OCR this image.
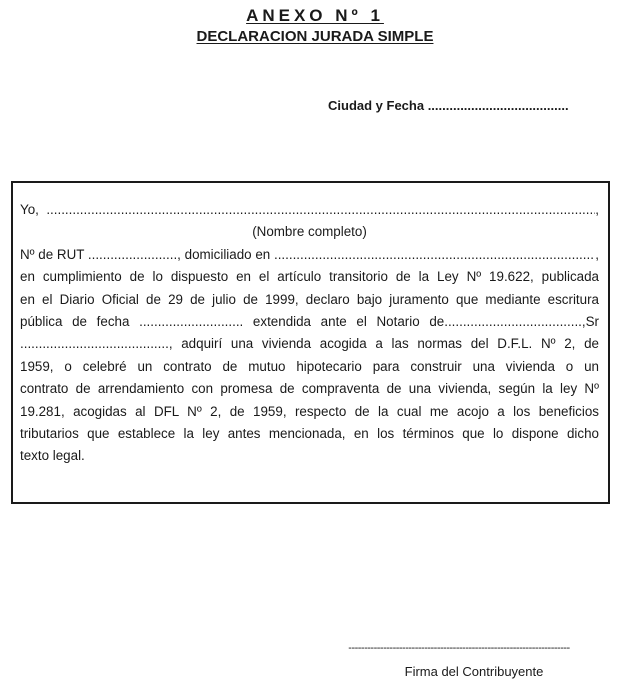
ANEXO Nº 1
DECLARACION JURADA SIMPLE
Ciudad y Fecha .......................................
Yo,
.....	,
(Nombre completo)
Nº de RUT ........................, domiciliado en
.....	,
en cumplimiento de lo dispuesto en el artículo transitorio de la Ley Nº 19.622, publicada
en el Diario Oficial de 29 de julio de 1999, declaro bajo juramento que mediante escritura
pública de fecha ............................ extendida ante el Notario de.....................................,Sr
........................................, adquirí una vivienda acogida a las normas del D.F.L. Nº 2, de
1959, o celebré un contrato de mutuo hipotecario para construir una vivienda o un
contrato de arrendamiento con promesa de compraventa de una vivienda, según la ley Nº
19.281, acogidas al DFL Nº 2, de 1959, respecto de la cual me acojo a los beneficios
tributarios que establece la ley antes mencionada, en los términos que lo dispone dicho
texto legal.
----------------------------------------------------------------------
Firma del Contribuyente
